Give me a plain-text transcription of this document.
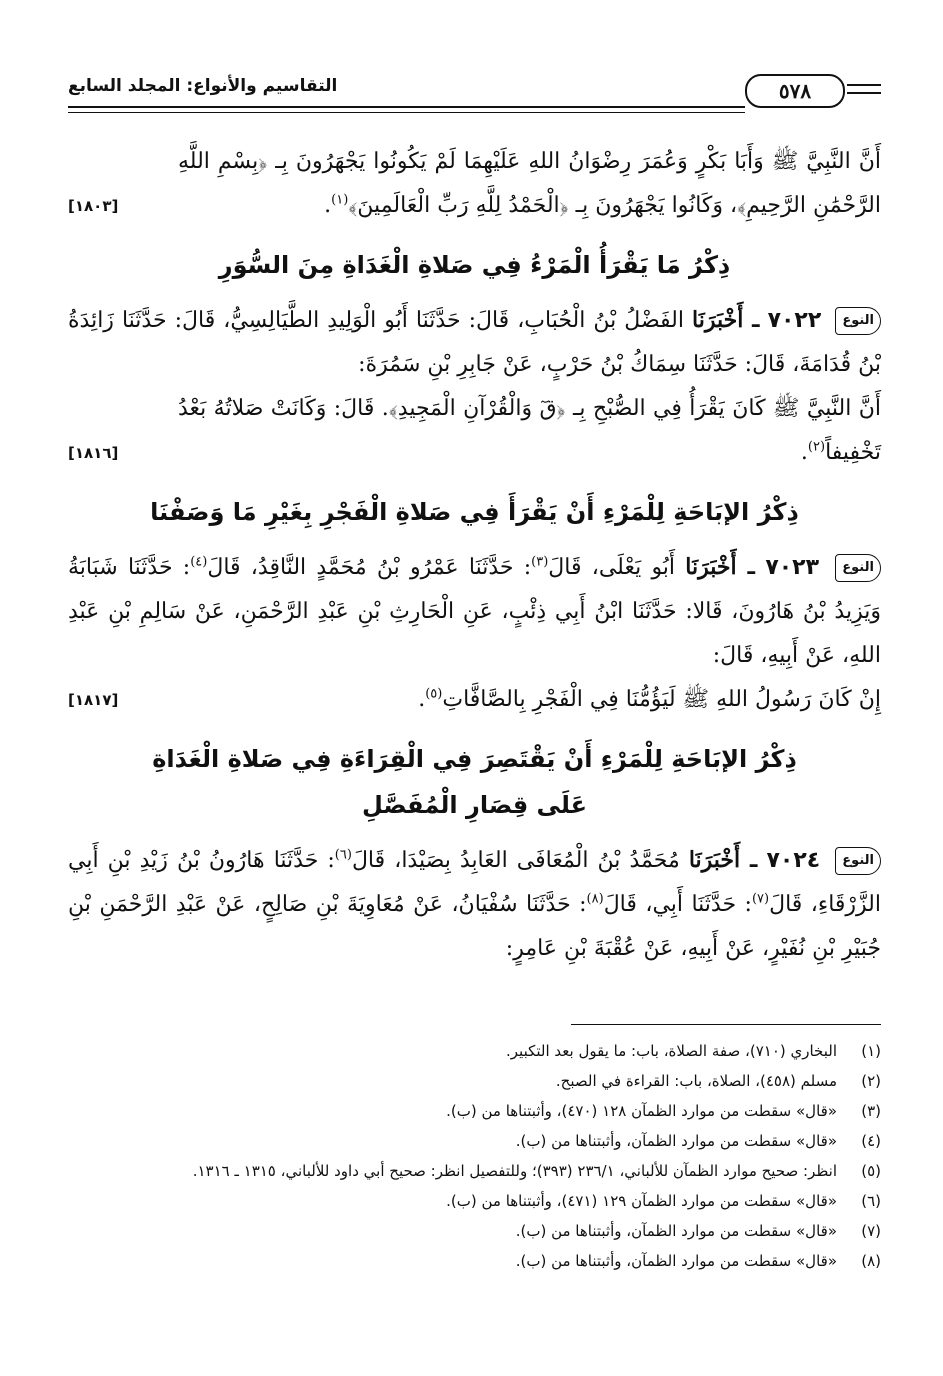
٥٧٨
التقاسيم والأنواع: المجلد السابع

أَنَّ النَّبِيَّ ﷺ وَأَبَا بَكْرٍ وَعُمَرَ رِضْوَانُ اللهِ عَلَيْهِمَا لَمْ يَكُونُوا يَجْهَرُونَ بِـ ﴿بِسْمِ اللَّهِ الرَّحْمَٰنِ الرَّحِيمِ﴾، وَكَانُوا يَجْهَرُونَ بِـ ﴿الْحَمْدُ لِلَّهِ رَبِّ الْعَالَمِينَ﴾$^{(١)}$.
[١٨٠٣]

ذِكْرُ مَا يَقْرَأُ الْمَرْءُ فِي صَلاةِ الْغَدَاةِ مِنَ السُّوَرِ

النوع ٧٠٢٢ ـ أَخْبَرَنَا الفَضْلُ بْنُ الْحُبَابِ، قَالَ: حَدَّثَنَا أَبُو الْوَلِيدِ الطَّيَالِسِيُّ، قَالَ: حَدَّثَنَا زَائِدَةُ بْنُ قُدَامَةَ، قَالَ: حَدَّثَنَا سِمَاكُ بْنُ حَرْبٍ، عَنْ جَابِرِ بْنِ سَمُرَةَ:

أَنَّ النَّبِيَّ ﷺ كَانَ يَقْرَأُ فِي الصُّبْحِ بِـ ﴿قٓ وَالْقُرْآنِ الْمَجِيدِ﴾. قَالَ: وَكَانَتْ صَلاتُهُ بَعْدُ تَخْفِيفاً$^{(٢)}$.
[١٨١٦]

ذِكْرُ الإبَاحَةِ لِلْمَرْءِ أَنْ يَقْرَأَ فِي صَلاةِ الْفَجْرِ بِغَيْرِ مَا وَصَفْنَا

النوع ٧٠٢٣ ـ أَخْبَرَنَا أَبُو يَعْلَى، قَالَ$^{(٣)}$: حَدَّثَنَا عَمْرُو بْنُ مُحَمَّدٍ النَّاقِدُ، قَالَ$^{(٤)}$: حَدَّثَنَا شَبَابَةُ وَيَزِيدُ بْنُ هَارُونَ، قَالا: حَدَّثَنَا ابْنُ أَبِي ذِئْبٍ، عَنِ الْحَارِثِ بْنِ عَبْدِ الرَّحْمَنِ، عَنْ سَالِمِ بْنِ عَبْدِ اللهِ، عَنْ أَبِيهِ، قَالَ:

إِنْ كَانَ رَسُولُ اللهِ ﷺ لَيَؤُمُّنَا فِي الْفَجْرِ بِالصَّافَّاتِ$^{(٥)}$.
[١٨١٧]

ذِكْرُ الإبَاحَةِ لِلْمَرْءِ أَنْ يَقْتَصِرَ فِي الْقِرَاءَةِ فِي صَلاةِ الْغَدَاةِ
عَلَى قِصَارِ الْمُفَصَّلِ

النوع ٧٠٢٤ ـ أَخْبَرَنَا مُحَمَّدُ بْنُ الْمُعَافَى العَابِدُ بِصَيْدَا، قَالَ$^{(٦)}$: حَدَّثَنَا هَارُونُ بْنُ زَيْدِ بْنِ أَبِي الزَّرْقَاءِ، قَالَ$^{(٧)}$: حَدَّثَنَا أَبِي، قَالَ$^{(٨)}$: حَدَّثَنَا سُفْيَانُ، عَنْ مُعَاوِيَةَ بْنِ صَالِحٍ، عَنْ عَبْدِ الرَّحْمَنِ بْنِ جُبَيْرِ بْنِ نُفَيْرٍ، عَنْ أَبِيهِ، عَنْ عُقْبَةَ بْنِ عَامِرٍ:

(١)
البخاري (٧١٠)، صفة الصلاة، باب: ما يقول بعد التكبير.
(٢)
مسلم (٤٥٨)، الصلاة، باب: القراءة في الصبح.
(٣)
«قال» سقطت من موارد الظمآن ١٢٨ (٤٧٠)، وأثبتناها من (ب).
(٤)
«قال» سقطت من موارد الظمآن، وأثبتناها من (ب).
(٥)
انظر: صحيح موارد الظمآن للألباني، ٢٣٦/١ (٣٩٣)؛ وللتفصيل انظر: صحيح أبي داود للألباني، ١٣١٥ ـ ١٣١٦.
(٦)
«قال» سقطت من موارد الظمآن ١٢٩ (٤٧١)، وأثبتناها من (ب).
(٧)
«قال» سقطت من موارد الظمآن، وأثبتناها من (ب).
(٨)
«قال» سقطت من موارد الظمآن، وأثبتناها من (ب).
